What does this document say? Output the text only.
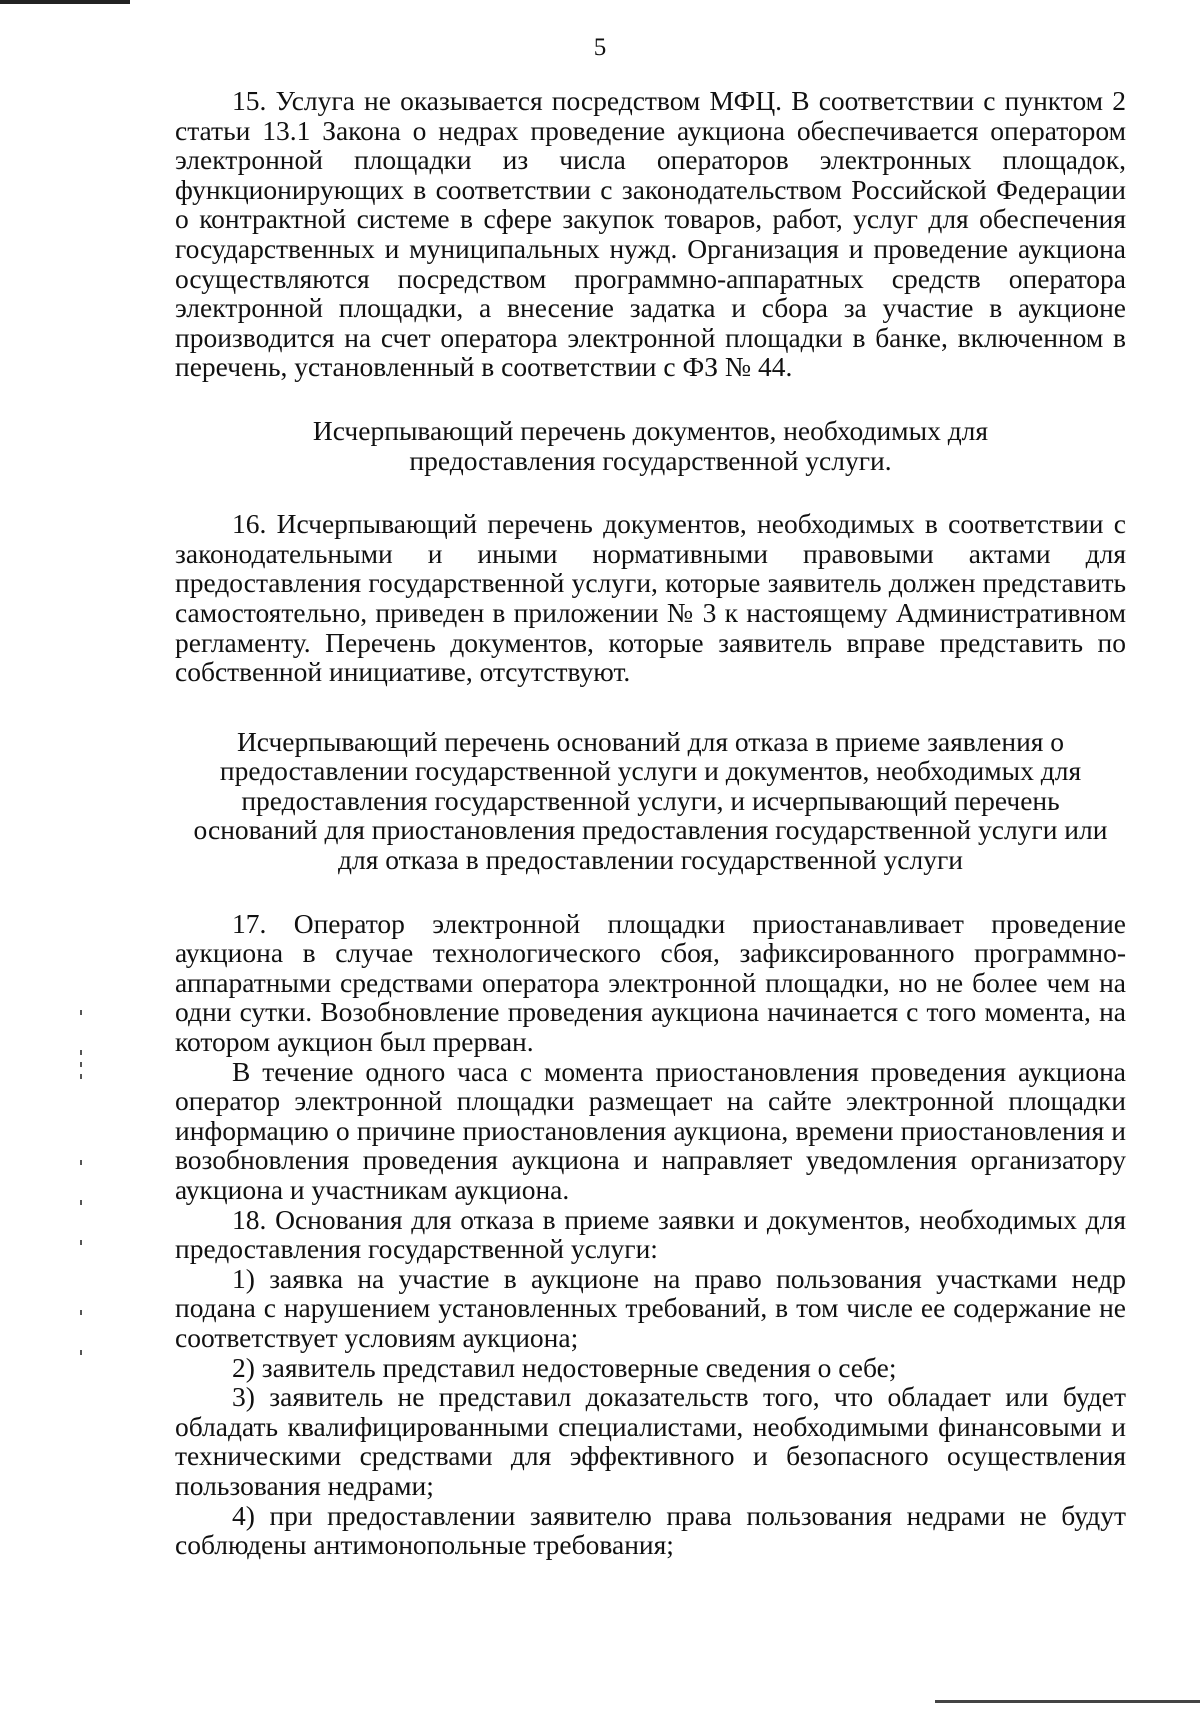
5

15. Услуга не оказывается посредством МФЦ. В соответствии с пунктом 2 статьи 13.1 Закона о недрах проведение аукциона обеспечивается оператором электронной площадки из числа операторов электронных площадок, функционирующих в соответствии с законодательством Российской Федерации о контрактной системе в сфере закупок товаров, работ, услуг для обеспечения государственных и муниципальных нужд. Организация и проведение аукциона осуществляются посредством программно-аппаратных средств оператора электронной площадки, а внесение задатка и сбора за участие в аукционе производится на счет оператора электронной площадки в банке, включенном в перечень, установленный в соответствии с ФЗ № 44.

Исчерпывающий перечень документов, необходимых для
предоставления государственной услуги.

16. Исчерпывающий перечень документов, необходимых в соответствии с законодательными и иными нормативными правовыми актами для предоставления государственной услуги, которые заявитель должен представить самостоятельно, приведен в приложении № 3 к настоящему Административном регламенту. Перечень документов, которые заявитель вправе представить по собственной инициативе, отсутствуют.

Исчерпывающий перечень оснований для отказа в приеме заявления о
предоставлении государственной услуги и документов, необходимых для
предоставления государственной услуги, и исчерпывающий перечень
оснований для приостановления предоставления государственной услуги или
для отказа в предоставлении государственной услуги

17. Оператор электронной площадки приостанавливает проведение аукциона в случае технологического сбоя, зафиксированного программно-аппаратными средствами оператора электронной площадки, но не более чем на одни сутки. Возобновление проведения аукциона начинается с того момента, на котором аукцион был прерван.

В течение одного часа с момента приостановления проведения аукциона оператор электронной площадки размещает на сайте электронной площадки информацию о причине приостановления аукциона, времени приостановления и возобновления проведения аукциона и направляет уведомления организатору аукциона и участникам аукциона.

18. Основания для отказа в приеме заявки и документов, необходимых для предоставления государственной услуги:

1) заявка на участие в аукционе на право пользования участками недр подана с нарушением установленных требований, в том числе ее содержание не соответствует условиям аукциона;

2) заявитель представил недостоверные сведения о себе;

3) заявитель не представил доказательств того, что обладает или будет обладать квалифицированными специалистами, необходимыми финансовыми и техническими средствами для эффективного и безопасного осуществления пользования недрами;

4) при предоставлении заявителю права пользования недрами не будут соблюдены антимонопольные требования;
